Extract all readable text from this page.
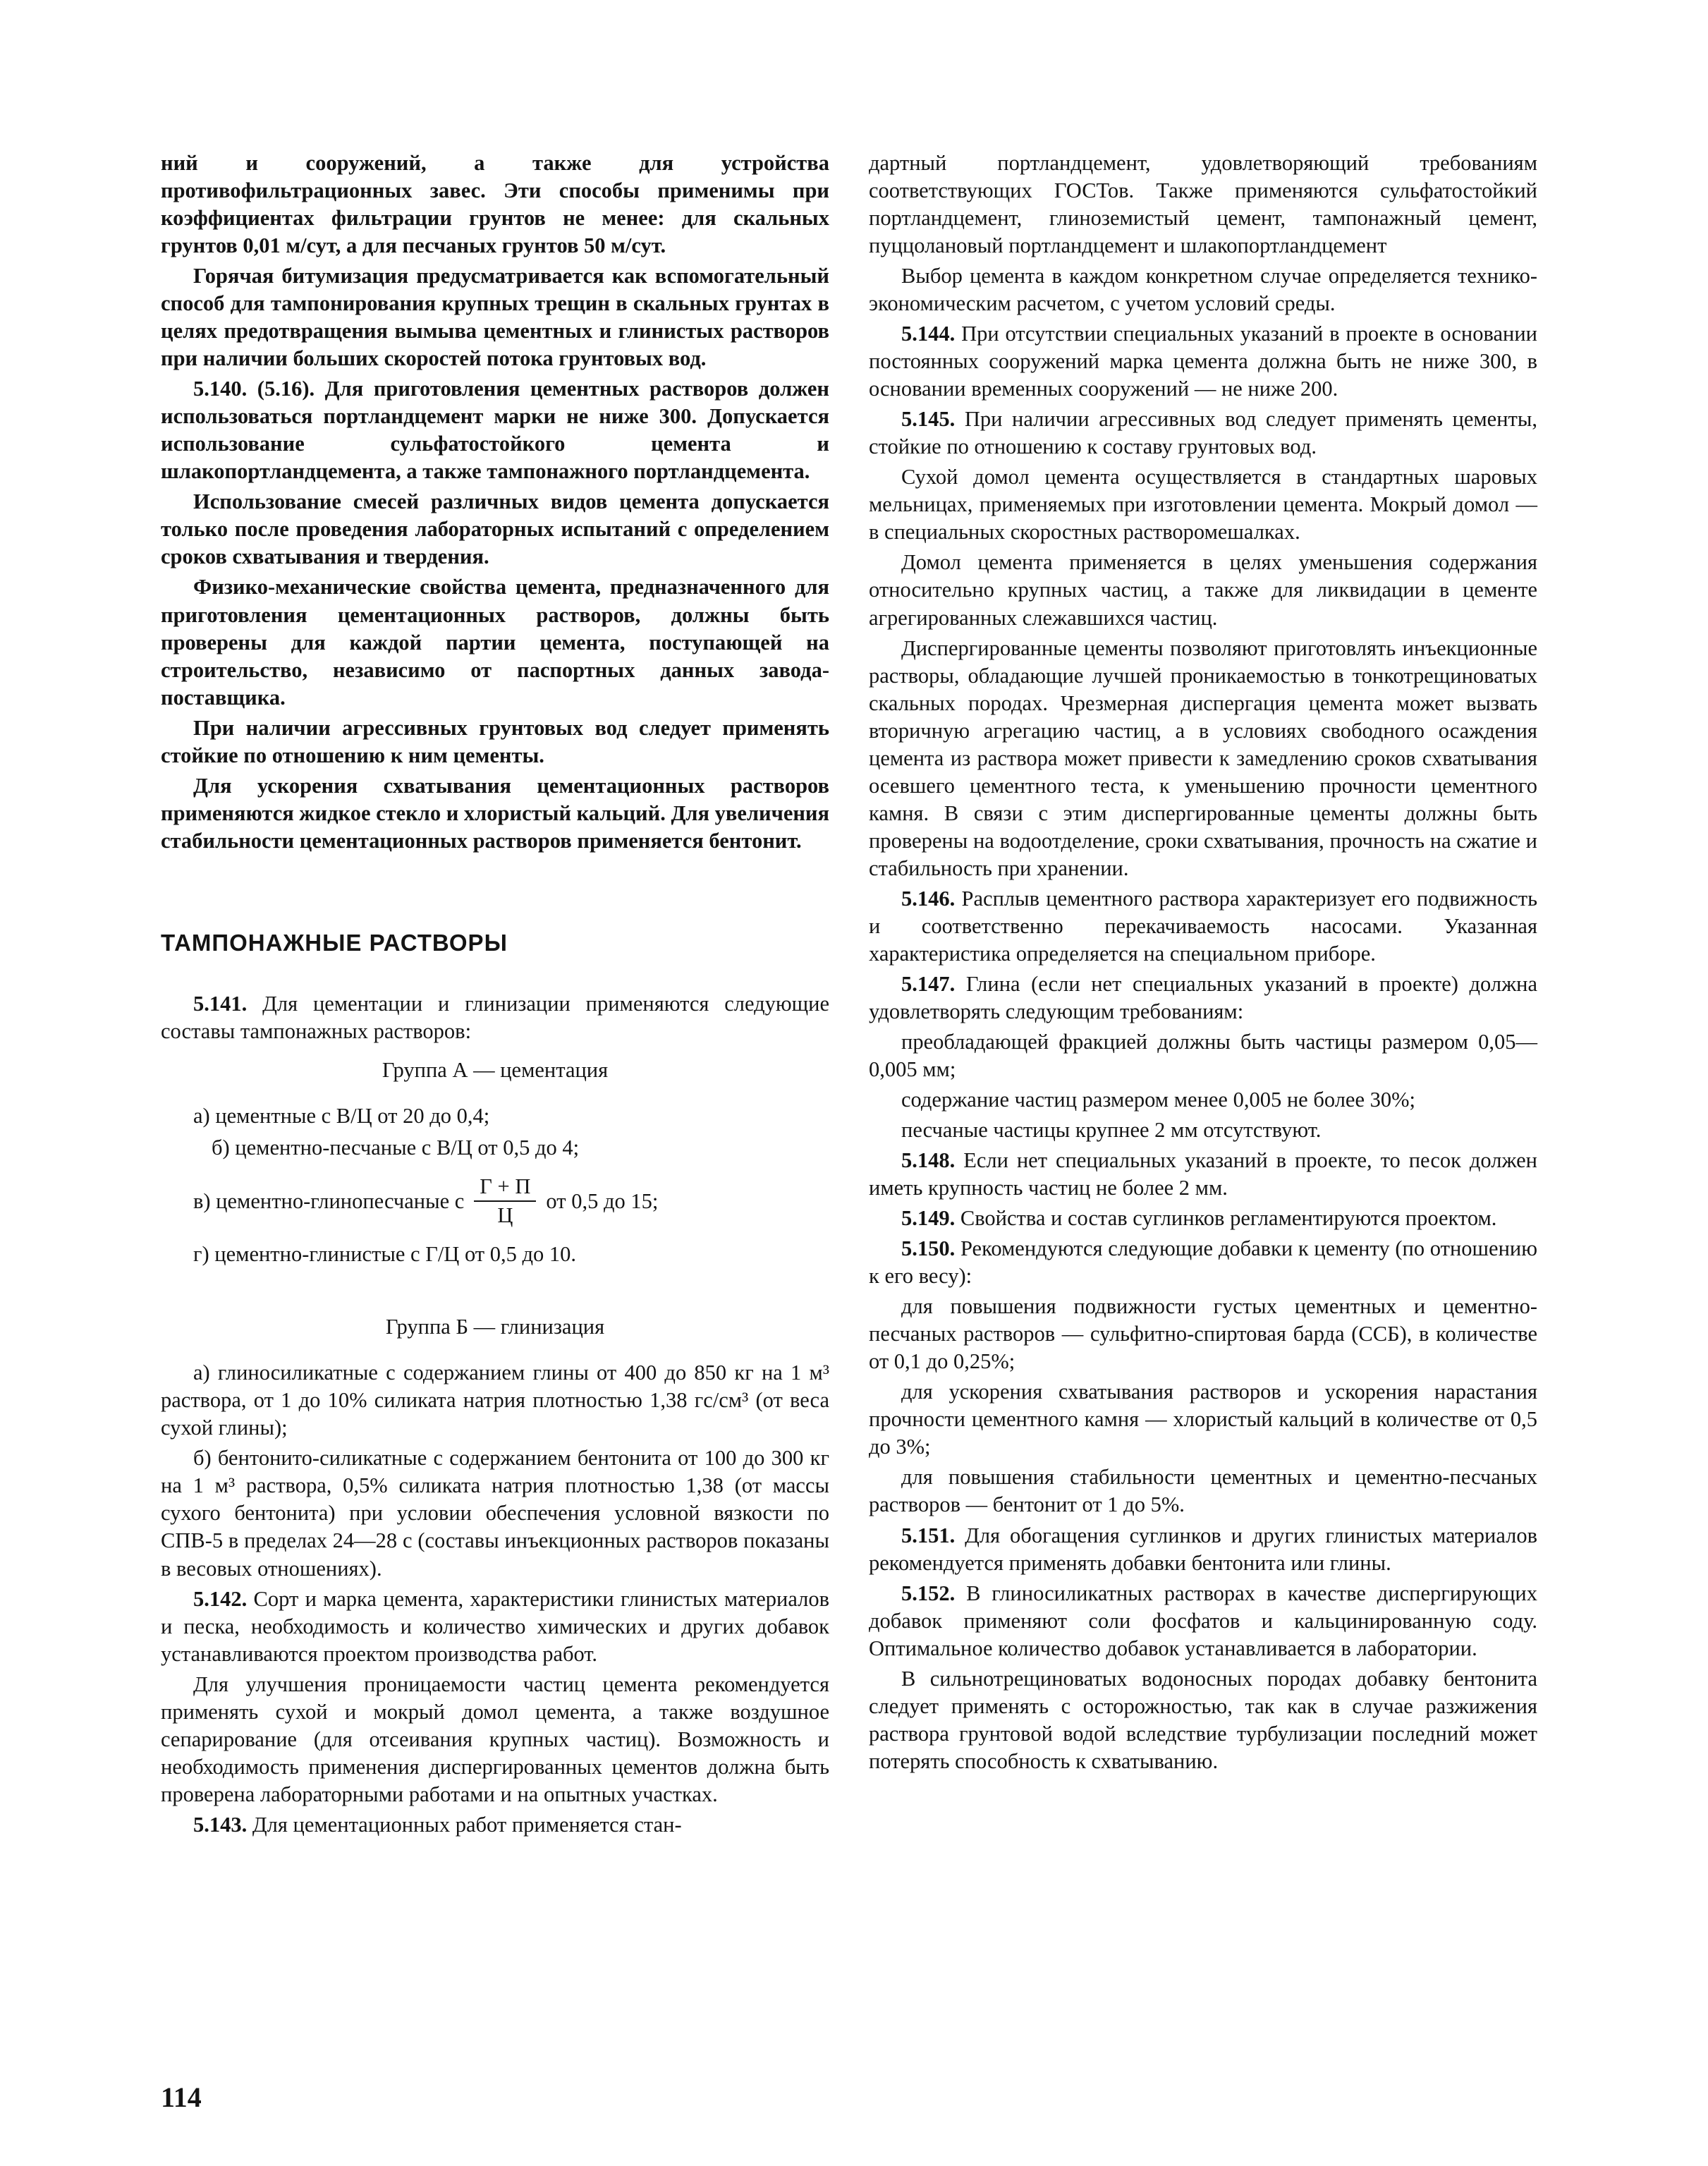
ний и сооружений, а также для устройства противофильтрационных завес. Эти способы применимы при коэффициентах фильтрации грунтов не менее: для скальных грунтов 0,01 м/сут, а для песчаных грунтов 50 м/сут.

Горячая битумизация предусматривается как вспомогательный способ для тампонирования крупных трещин в скальных грунтах в целях предотвращения вымыва цементных и глинистых растворов при наличии больших скоростей потока грунтовых вод.

5.140. (5.16). Для приготовления цементных растворов должен использоваться портландцемент марки не ниже 300. Допускается использование сульфатостойкого цемента и шлакопортландцемента, а также тампонажного портландцемента.

Использование смесей различных видов цемента допускается только после проведения лабораторных испытаний с определением сроков схватывания и твердения.

Физико-механические свойства цемента, предназначенного для приготовления цементационных растворов, должны быть проверены для каждой партии цемента, поступающей на строительство, независимо от паспортных данных завода-поставщика.

При наличии агрессивных грунтовых вод следует применять стойкие по отношению к ним цементы.

Для ускорения схватывания цементационных растворов применяются жидкое стекло и хлористый кальций. Для увеличения стабильности цементационных растворов применяется бентонит.

ТАМПОНАЖНЫЕ РАСТВОРЫ

5.141. Для цементации и глинизации применяются следующие составы тампонажных растворов:

Группа А — цементация
а) цементные с В/Ц от 20 до 0,4;
б) цементно-песчаные с В/Ц от 0,5 до 4;
в) цементно-глинопесчаные с $\frac{Г + П}{Ц}$ от 0,5 до 15;
г) цементно-глинистые с Г/Ц от 0,5 до 10.
Группа Б — глинизация

а) глиносиликатные с содержанием глины от 400 до 850 кг на 1 м³ раствора, от 1 до 10% силиката натрия плотностью 1,38 гс/см³ (от веса сухой глины);

б) бентонито-силикатные с содержанием бентонита от 100 до 300 кг на 1 м³ раствора, 0,5% силиката натрия плотностью 1,38 (от массы сухого бентонита) при условии обеспечения условной вязкости по СПВ-5 в пределах 24—28 с (составы инъекционных растворов показаны в весовых отношениях).

5.142. Сорт и марка цемента, характеристики глинистых материалов и песка, необходимость и количество химических и других добавок устанавливаются проектом производства работ.

Для улучшения проницаемости частиц цемента рекомендуется применять сухой и мокрый домол цемента, а также воздушное сепарирование (для отсеивания крупных частиц). Возможность и необходимость применения диспергированных цементов должна быть проверена лабораторными работами и на опытных участках.

5.143. Для цементационных работ применяется стан-

дартный портландцемент, удовлетворяющий требованиям соответствующих ГОСТов. Также применяются сульфатостойкий портландцемент, глиноземистый цемент, тампонажный цемент, пуццолановый портландцемент и шлакопортландцемент

Выбор цемента в каждом конкретном случае определяется технико-экономическим расчетом, с учетом условий среды.

5.144. При отсутствии специальных указаний в проекте в основании постоянных сооружений марка цемента должна быть не ниже 300, в основании временных сооружений — не ниже 200.

5.145. При наличии агрессивных вод следует применять цементы, стойкие по отношению к составу грунтовых вод.

Сухой домол цемента осуществляется в стандартных шаровых мельницах, применяемых при изготовлении цемента. Мокрый домол — в специальных скоростных растворомешалках.

Домол цемента применяется в целях уменьшения содержания относительно крупных частиц, а также для ликвидации в цементе агрегированных слежавшихся частиц.

Диспергированные цементы позволяют приготовлять инъекционные растворы, обладающие лучшей проникаемостью в тонкотрещиноватых скальных породах. Чрезмерная диспергация цемента может вызвать вторичную агрегацию частиц, а в условиях свободного осаждения цемента из раствора может привести к замедлению сроков схватывания осевшего цементного теста, к уменьшению прочности цементного камня. В связи с этим диспергированные цементы должны быть проверены на водоотделение, сроки схватывания, прочность на сжатие и стабильность при хранении.

5.146. Расплыв цементного раствора характеризует его подвижность и соответственно перекачиваемость насосами. Указанная характеристика определяется на специальном приборе.

5.147. Глина (если нет специальных указаний в проекте) должна удовлетворять следующим требованиям:

преобладающей фракцией должны быть частицы размером 0,05—0,005 мм;

содержание частиц размером менее 0,005 не более 30%;

песчаные частицы крупнее 2 мм отсутствуют.

5.148. Если нет специальных указаний в проекте, то песок должен иметь крупность частиц не более 2 мм.

5.149. Свойства и состав суглинков регламентируются проектом.

5.150. Рекомендуются следующие добавки к цементу (по отношению к его весу):

для повышения подвижности густых цементных и цементно-песчаных растворов — сульфитно-спиртовая барда (ССБ), в количестве от 0,1 до 0,25%;

для ускорения схватывания растворов и ускорения нарастания прочности цементного камня — хлористый кальций в количестве от 0,5 до 3%;

для повышения стабильности цементных и цементно-песчаных растворов — бентонит от 1 до 5%.

5.151. Для обогащения суглинков и других глинистых материалов рекомендуется применять добавки бентонита или глины.

5.152. В глиносиликатных растворах в качестве диспергирующих добавок применяют соли фосфатов и кальцинированную соду. Оптимальное количество добавок устанавливается в лаборатории.

В сильнотрещиноватых водоносных породах добавку бентонита следует применять с осторожностью, так как в случае разжижения раствора грунтовой водой вследствие турбулизации последний может потерять способность к схватыванию.

114
